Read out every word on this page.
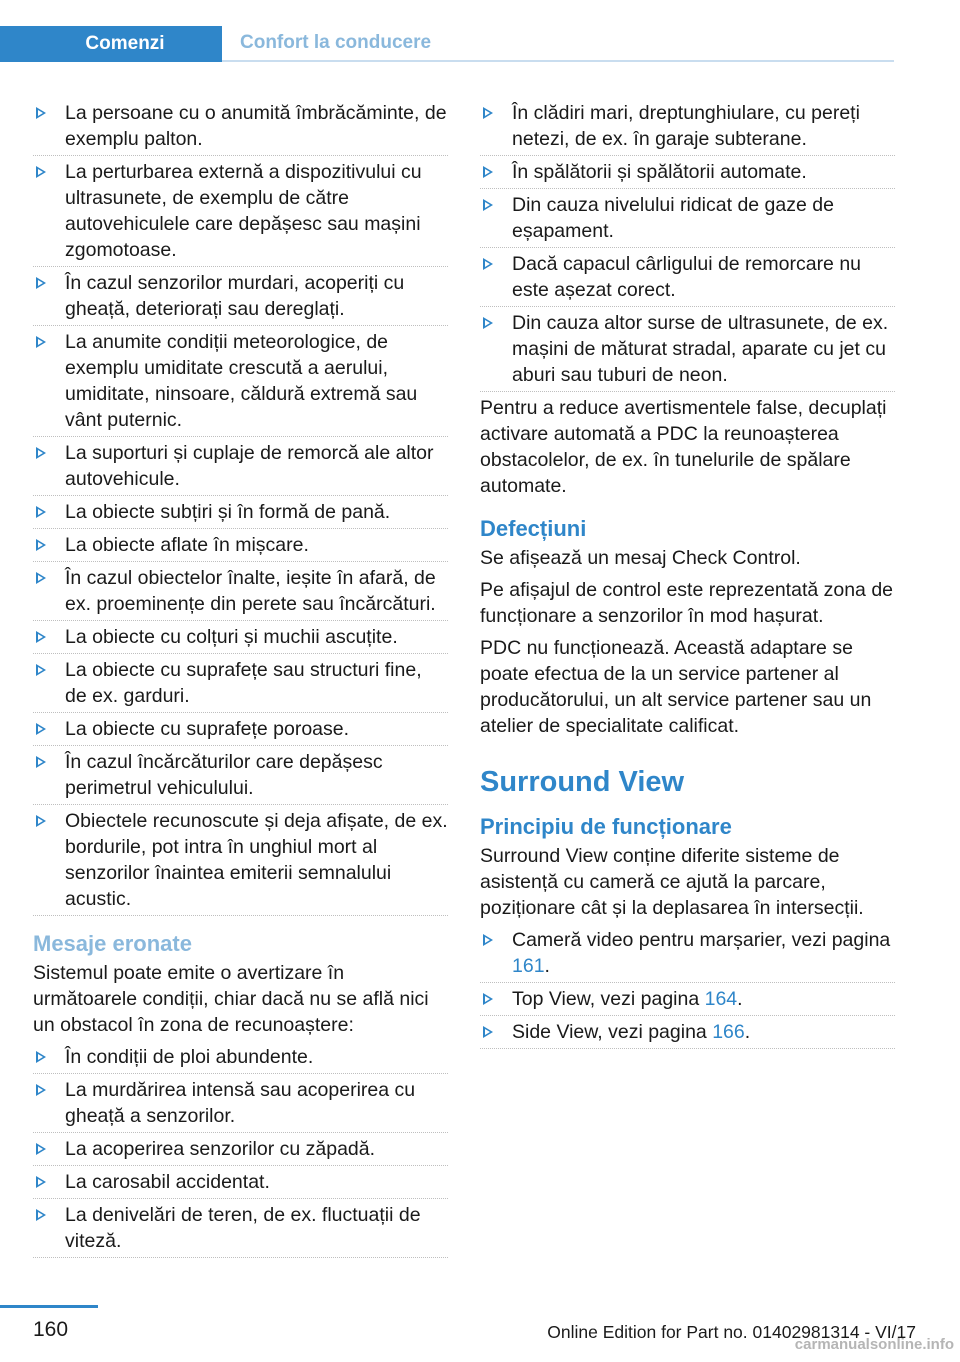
Comenzi	Confort la conducere
La persoane cu o anumită îmbrăcăminte, de exemplu palton.
La perturbarea externă a dispozitivului cu ultrasunete, de exemplu de către autovehiculele care depășesc sau mașini zgomotoase.
În cazul senzorilor murdari, acoperiți cu gheață, deteriorați sau dereglați.
La anumite condiții meteorologice, de exemplu umiditate crescută a aerului, umiditate, ninsoare, căldură extremă sau vânt puternic.
La suporturi și cuplaje de remorcă ale altor autovehicule.
La obiecte subțiri și în formă de pană.
La obiecte aflate în mișcare.
În cazul obiectelor înalte, ieșite în afară, de ex. proeminențe din perete sau încărcături.
La obiecte cu colțuri și muchii ascuțite.
La obiecte cu suprafețe sau structuri fine, de ex. garduri.
La obiecte cu suprafețe poroase.
În cazul încărcăturilor care depășesc perimetrul vehiculului.
Obiectele recunoscute și deja afișate, de ex. bordurile, pot intra în unghiul mort al senzorilor înaintea emiterii semnalului acustic.
Mesaje eronate

Sistemul poate emite o avertizare în următoarele condiții, chiar dacă nu se află nici un obstacol în zona de recunoaștere:

În condiții de ploi abundente.
La murdărirea intensă sau acoperirea cu gheață a senzorilor.
La acoperirea senzorilor cu zăpadă.
La carosabil accidentat.
La denivelări de teren, de ex. fluctuații de viteză.
În clădiri mari, dreptunghiulare, cu pereți netezi, de ex. în garaje subterane.
În spălătorii și spălătorii automate.
Din cauza nivelului ridicat de gaze de eșapament.
Dacă capacul cârligului de remorcare nu este așezat corect.
Din cauza altor surse de ultrasunete, de ex. mașini de măturat stradal, aparate cu jet cu aburi sau tuburi de neon.

Pentru a reduce avertismentele false, decuplați activare automată a PDC la reunoașterea obstacolelor, de ex. în tunelurile de spălare automate.

Defecțiuni

Se afișează un mesaj Check Control.

Pe afișajul de control este reprezentată zona de funcționare a senzorilor în mod hașurat.

PDC nu funcționează. Această adaptare se poate efectua de la un service partener al producătorului, un alt service partener sau un atelier de specialitate calificat.

Surround View
Principiu de funcționare

Surround View conține diferite sisteme de asistență cu cameră ce ajută la parcare, poziționare cât și la deplasarea în intersecții.

Cameră video pentru marșarier, vezi pagina 161.
Top View, vezi pagina 164.
Side View, vezi pagina 166.
160	Online Edition for Part no. 01402981314 - VI/17
carmanualsonline.info
